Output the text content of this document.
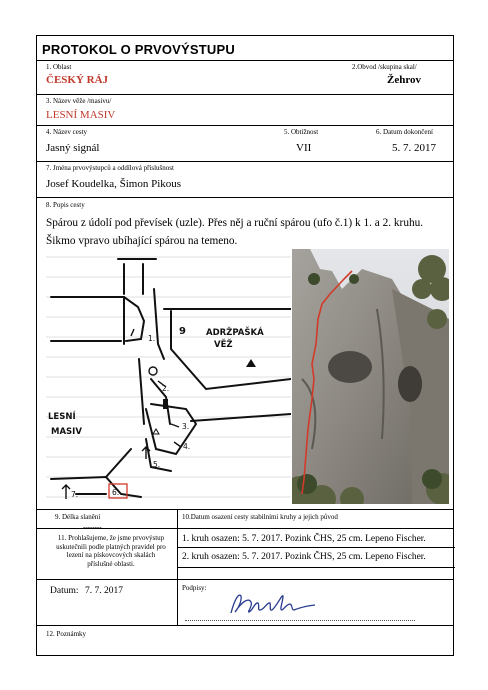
PROTOKOL O PRVOVÝSTUPU
1. Oblast
ČESKÝ RÁJ
2.Obvod /skupina skal/
Žehrov
3. Název věže /masivu/
LESNÍ MASIV
4. Název cesty
Jasný signál
5. Obtížnost
VII
6. Datum dokončení
5. 7. 2017
7. Jména prvovýstupců a oddílová příslušnost
Josef Koudelka, Šimon Pikous
8. Popis cesty
Spárou z údolí pod převísek (uzle). Přes něj a ruční spárou (ufo č.1) k 1. a 2. kruhu.
Šikmo vpravo ubíhající spárou na temeno.
ADRŽPAŠKÁ
VĚŽ
LESNÍ
MASIV
1.
2.
3.
4.
5.
6.
7.
9
9. Délka slanění
--------
10.Datum osazení cesty stabilními kruhy a jejich původ
11. Prohlašujeme, že jsme prvovýstup uskutečnili podle platných pravidel pro lezení na pískovcových skalách příslušné oblasti.
1. kruh osazen: 5. 7. 2017. Pozink ČHS, 25 cm. Lepeno Fischer.
2. kruh osazen: 5. 7. 2017. Pozink ČHS, 25 cm. Lepeno Fischer.
Datum: 7. 7. 2017	Podpisy:
12. Poznámky
